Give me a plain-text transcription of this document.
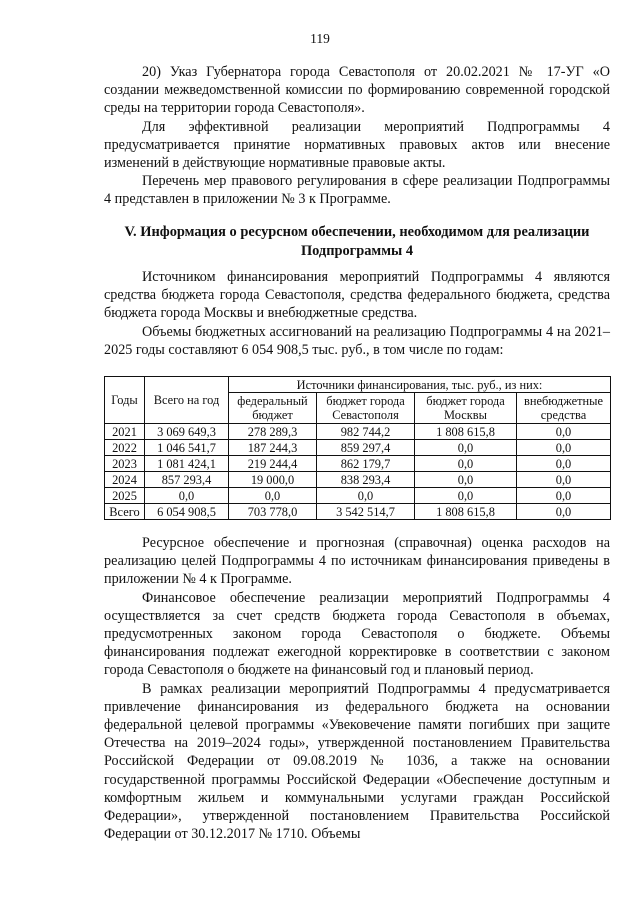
119

20) Указ Губернатора города Севастополя от 20.02.2021 № 17-УГ «О создании межведомственной комиссии по формированию современной городской среды на территории города Севастополя».

Для эффективной реализации мероприятий Подпрограммы 4 предусматривается принятие нормативных правовых актов или внесение изменений в действующие нормативные правовые акты.

Перечень мер правового регулирования в сфере реализации Подпрограммы 4 представлен в приложении № 3 к Программе.

V. Информация о ресурсном обеспечении, необходимом для реализации
Подпрограммы 4

Источником финансирования мероприятий Подпрограммы 4 являются средства бюджета города Севастополя, средства федерального бюджета, средства бюджета города Москвы и внебюджетные средства.

Объемы бюджетных ассигнований на реализацию Подпрограммы 4 на 2021–2025 годы составляют 6 054 908,5 тыс. руб., в том числе по годам:

Годы	Всего на год	Источники финансирования, тыс. руб., из них:			
		федеральный бюджет	бюджет города Севастополя	бюджет города Москвы	внебюджетные средства
2021	3 069 649,3	278 289,3	982 744,2	1 808 615,8	0,0
2022	1 046 541,7	187 244,3	859 297,4	0,0	0,0
2023	1 081 424,1	219 244,4	862 179,7	0,0	0,0
2024	857 293,4	19 000,0	838 293,4	0,0	0,0
2025	0,0	0,0	0,0	0,0	0,0
Всего	6 054 908,5	703 778,0	3 542 514,7	1 808 615,8	0,0

Ресурсное обеспечение и прогнозная (справочная) оценка расходов на реализацию целей Подпрограммы 4 по источникам финансирования приведены в приложении № 4 к Программе.

Финансовое обеспечение реализации мероприятий Подпрограммы 4 осуществляется за счет средств бюджета города Севастополя в объемах, предусмотренных законом города Севастополя о бюджете. Объемы финансирования подлежат ежегодной корректировке в соответствии с законом города Севастополя о бюджете на финансовый год и плановый период.

В рамках реализации мероприятий Подпрограммы 4 предусматривается привлечение финансирования из федерального бюджета на основании федеральной целевой программы «Увековечение памяти погибших при защите Отечества на 2019–2024 годы», утвержденной постановлением Правительства Российской Федерации от 09.08.2019 № 1036, а также на основании государственной программы Российской Федерации «Обеспечение доступным и комфортным жильем и коммунальными услугами граждан Российской Федерации», утвержденной постановлением Правительства Российской Федерации от 30.12.2017 № 1710. Объемы
